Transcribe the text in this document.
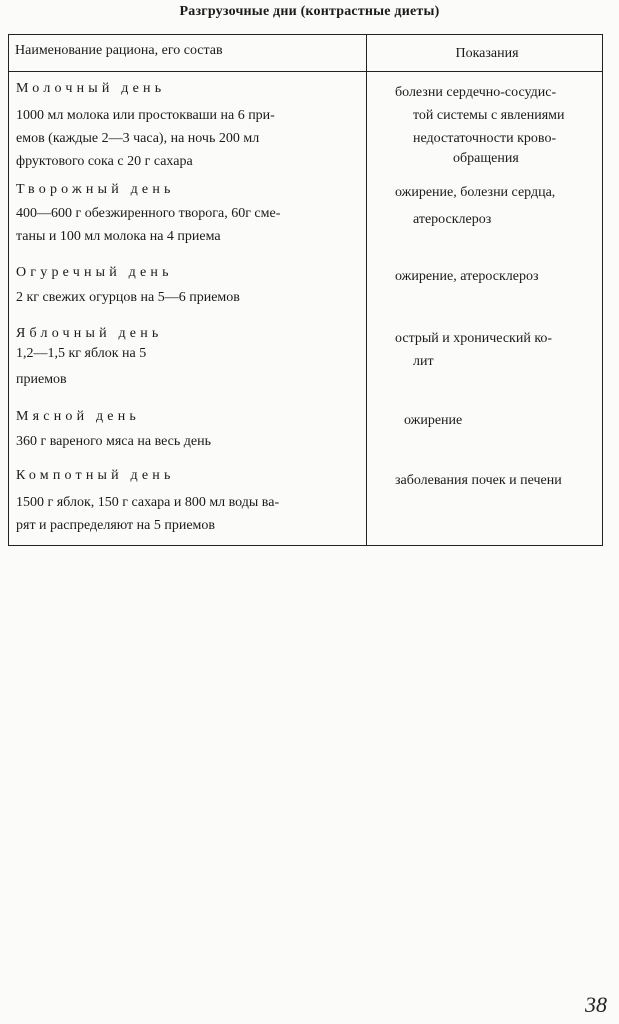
Разгрузочные дни (контрастные диеты)
Наименование рациона, его состав	Показания
Молочный день
1000 мл молока или простокваши на 6 при-
емов (каждые 2—3 часа), на ночь 200 мл
фруктового сока с 20 г сахара
болезни сердечно-сосудис-
той системы с явлениями
недостаточности крово-
обращения
Творожный день
400—600 г обезжиренного творога, 60г сме-
таны и 100 мл молока на 4 приема
ожирение, болезни сердца,
атеросклероз
Огуречный день
2 кг свежих огурцов на 5—6 приемов
ожирение, атеросклероз
Яблочный день
1,2—1,5 кг яблок на 5
приемов
острый и хронический ко-
лит
Мясной день
360 г вареного мяса на весь день
ожирение
Компотный день
1500 г яблок, 150 г сахара и 800 мл воды ва-
рят и распределяют на 5 приемов
заболевания почек и печени
38
